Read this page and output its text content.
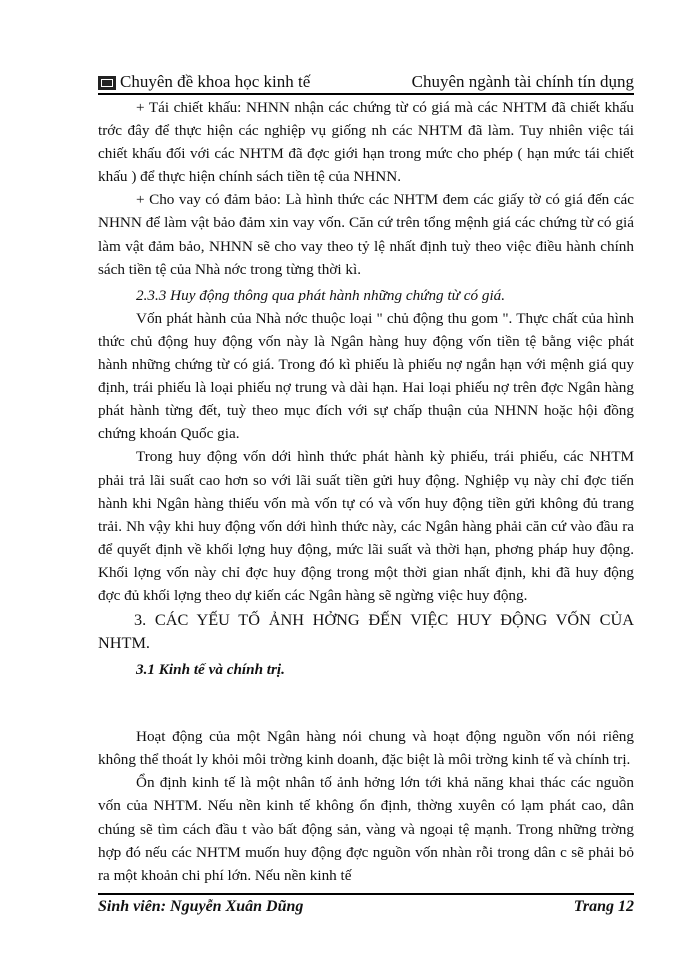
Chuyên đề khoa học kinh tế	Chuyên ngành tài chính tín dụng

+ Tái chiết khấu: NHNN nhận các chứng từ có giá mà các NHTM đã chiết khấu trớc đây để thực hiện các nghiệp vụ giống nh các NHTM đã làm. Tuy nhiên việc tái chiết khấu đối với các NHTM đã đợc giới hạn trong mức cho phép ( hạn mức tái chiết khấu ) để thực hiện chính sách tiền tệ của NHNN.

+ Cho vay có đảm bảo: Là hình thức các NHTM đem các giấy tờ có giá đến các NHNN để làm vật bảo đảm xin vay vốn. Căn cứ trên tổng mệnh giá các chứng từ có giá làm vật đảm bảo, NHNN sẽ cho vay theo tỷ lệ nhất định tuỳ theo việc điều hành chính sách tiền tệ của Nhà nớc trong từng thời kì.

2.3.3 Huy động thông qua phát hành những chứng từ có giá.

Vốn phát hành của Nhà nớc thuộc loại " chủ động thu gom ". Thực chất của hình thức chủ động huy động vốn này là Ngân hàng huy động vốn tiền tệ bằng việc phát hành những chứng từ có giá. Trong đó kì phiếu là phiếu nợ ngắn hạn với mệnh giá quy định, trái phiếu là loại phiếu nợ trung và dài hạn. Hai loại phiếu nợ trên đợc Ngân hàng phát hành từng đết, tuỳ theo mục đích với sự chấp thuận của NHNN hoặc hội đồng chứng khoán Quốc gia.

Trong huy động vốn dới hình thức phát hành kỳ phiếu, trái phiếu, các NHTM phải trả lãi suất cao hơn so với lãi suất tiền gửi huy động. Nghiệp vụ này chỉ đợc tiến hành khi Ngân hàng thiếu vốn mà vốn tự có và vốn huy động tiền gửi không đủ trang trải. Nh vậy khi huy động vốn dới hình thức này, các Ngân hàng phải căn cứ vào đầu ra để quyết định về khối lợng huy động, mức lãi suất và thời hạn, phơng pháp huy động. Khối lợng vốn này chỉ đợc huy động trong một thời gian nhất định, khi đã huy động đợc đủ khối lợng theo dự kiến các Ngân hàng sẽ ngừng việc huy động.

3. CÁC YẾU TỐ ẢNH HỞNG ĐẾN VIỆC HUY ĐỘNG VỐN CỦA NHTM.

3.1 Kinh tế và chính trị.

Hoạt động của một Ngân hàng nói chung và hoạt động nguồn vốn nói riêng không thể thoát ly khỏi môi trờng kinh doanh, đặc biệt là môi trờng kinh tế và chính trị.

Ổn định kinh tế là một nhân tố ảnh hởng lớn tới khả năng khai thác các nguồn vốn của NHTM. Nếu nền kinh tế không ổn định, thờng xuyên có lạm phát cao, dân chúng sẽ tìm cách đầu t vào bất động sản, vàng và ngoại tệ mạnh. Trong những trờng hợp đó nếu các NHTM muốn huy động đợc nguồn vốn nhàn rỗi trong dân c sẽ phải bỏ ra một khoản chi phí lớn. Nếu nền kinh tế

Sinh viên: Nguyễn Xuân Dũng	Trang 12
